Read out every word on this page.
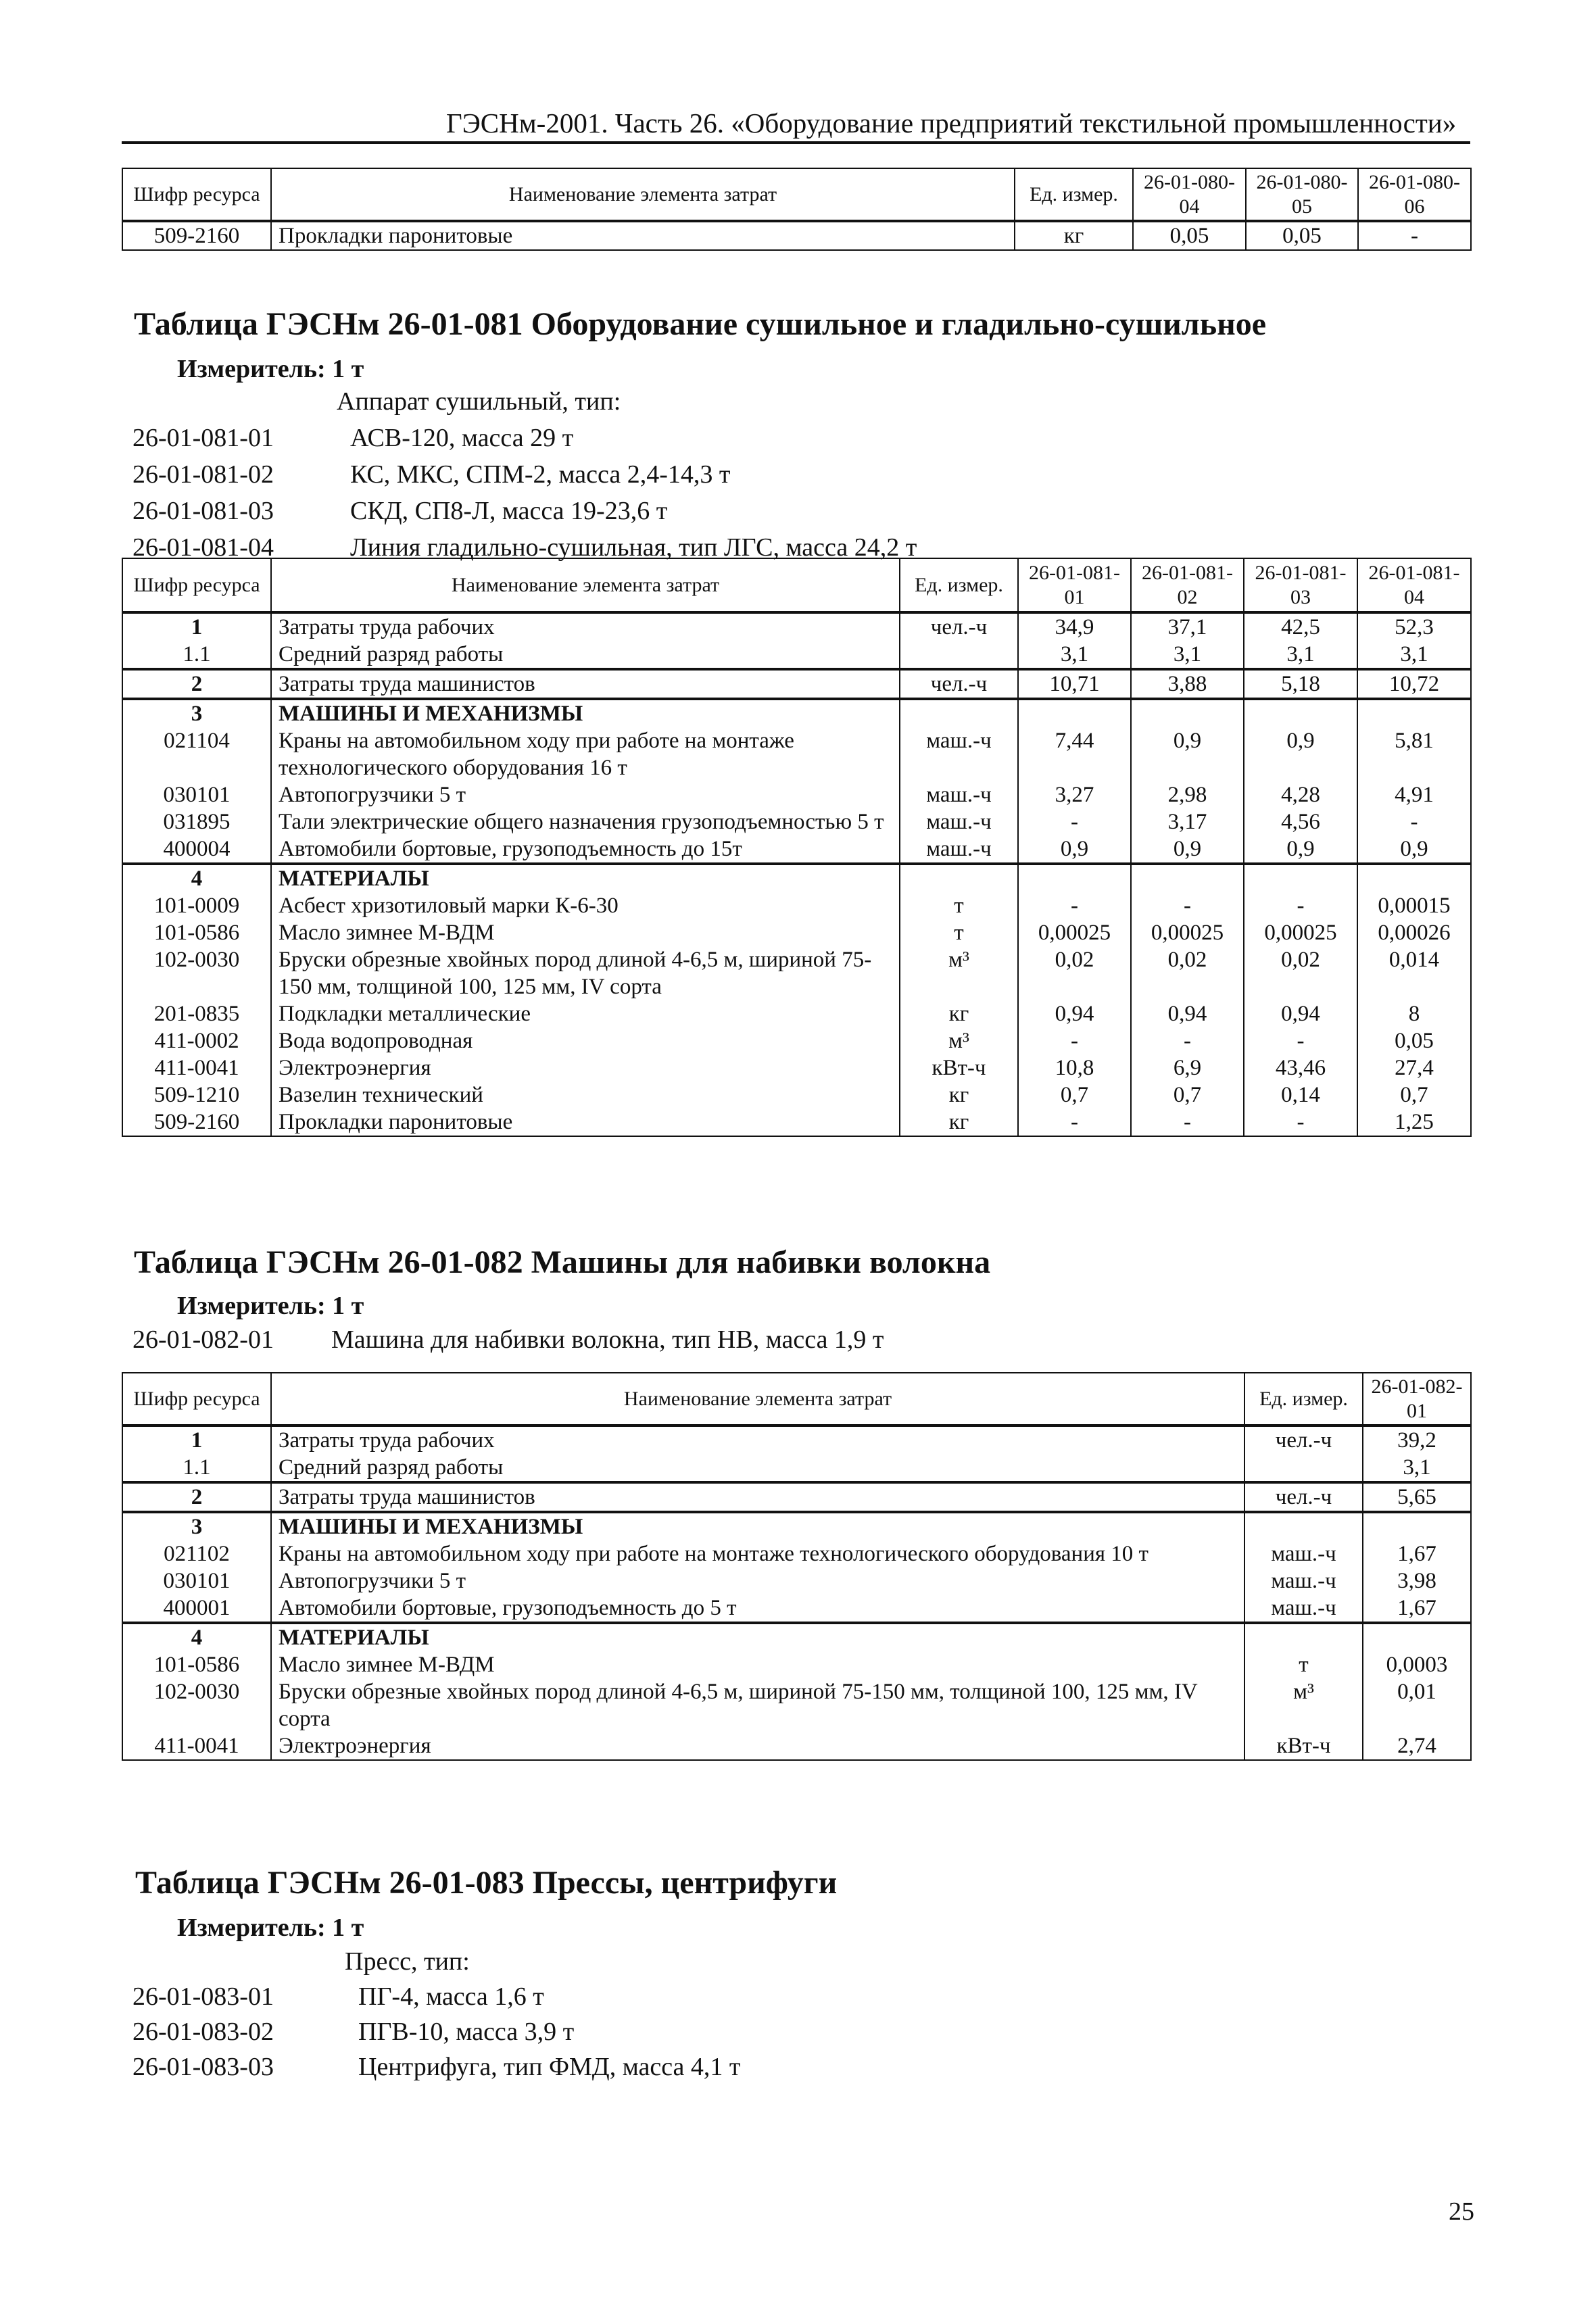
ГЭСНм-2001. Часть 26. «Оборудование предприятий текстильной промышленности»
Шифр ресурса	Наименование элемента затрат	Ед. измер.	26-01-080-04	26-01-080-05	26-01-080-06
509-2160	Прокладки паронитовые	кг	0,05	0,05	-
Таблица ГЭСНм 26-01-081 Оборудование сушильное и гладильно-сушильное
Измеритель: 1 т
Аппарат сушильный, тип:
26-01-081-01	АСВ-120, масса 29 т
26-01-081-02	КС, МКС, СПМ-2, масса 2,4-14,3 т
26-01-081-03	СКД, СП8-Л, масса 19-23,6 т
26-01-081-04	Линия гладильно-сушильная, тип ЛГС, масса 24,2 т
Шифр ресурса	Наименование элемента затрат	Ед. измер.	26-01-081-01	26-01-081-02	26-01-081-03	26-01-081-04
1	Затраты труда рабочих	чел.-ч	34,9	37,1	42,5	52,3
1.1	Средний разряд работы		3,1	3,1	3,1	3,1
2	Затраты труда машинистов	чел.-ч	10,71	3,88	5,18	10,72
3	МАШИНЫ И МЕХАНИЗМЫ					
021104	Краны на автомобильном ходу при работе на монтаже технологического оборудования 16 т	маш.-ч	7,44	0,9	0,9	5,81
030101	Автопогрузчики 5 т	маш.-ч	3,27	2,98	4,28	4,91
031895	Тали электрические общего назначения грузоподъемностью 5 т	маш.-ч	-	3,17	4,56	-
400004	Автомобили бортовые, грузоподъемность до 15т	маш.-ч	0,9	0,9	0,9	0,9
4	МАТЕРИАЛЫ					
101-0009	Асбест хризотиловый марки К-6-30	т	-	-	-	0,00015
101-0586	Масло зимнее М-ВДМ	т	0,00025	0,00025	0,00025	0,00026
102-0030	Бруски обрезные хвойных пород длиной 4-6,5 м, шириной 75-150 мм, толщиной 100, 125 мм, IV сорта	м³	0,02	0,02	0,02	0,014
201-0835	Подкладки металлические	кг	0,94	0,94	0,94	8
411-0002	Вода водопроводная	м³	-	-	-	0,05
411-0041	Электроэнергия	кВт-ч	10,8	6,9	43,46	27,4
509-1210	Вазелин технический	кг	0,7	0,7	0,14	0,7
509-2160	Прокладки паронитовые	кг	-	-	-	1,25
Таблица ГЭСНм 26-01-082 Машины для набивки волокна
Измеритель: 1 т
26-01-082-01 Машина для набивки волокна, тип НВ, масса 1,9 т
Шифр ресурса	Наименование элемента затрат	Ед. измер.	26-01-082-01
1	Затраты труда рабочих	чел.-ч	39,2
1.1	Средний разряд работы		3,1
2	Затраты труда машинистов	чел.-ч	5,65
3	МАШИНЫ И МЕХАНИЗМЫ		
021102	Краны на автомобильном ходу при работе на монтаже технологического оборудования 10 т	маш.-ч	1,67
030101	Автопогрузчики 5 т	маш.-ч	3,98
400001	Автомобили бортовые, грузоподъемность до 5 т	маш.-ч	1,67
4	МАТЕРИАЛЫ		
101-0586	Масло зимнее М-ВДМ	т	0,0003
102-0030	Бруски обрезные хвойных пород длиной 4-6,5 м, шириной 75-150 мм, толщиной 100, 125 мм, IV сорта	м³	0,01
411-0041	Электроэнергия	кВт-ч	2,74
Таблица ГЭСНм 26-01-083 Прессы, центрифуги
Измеритель: 1 т
Пресс, тип:
26-01-083-01	ПГ-4, масса 1,6 т
26-01-083-02	ПГВ-10, масса 3,9 т
26-01-083-03	Центрифуга, тип ФМД, масса 4,1 т
25
